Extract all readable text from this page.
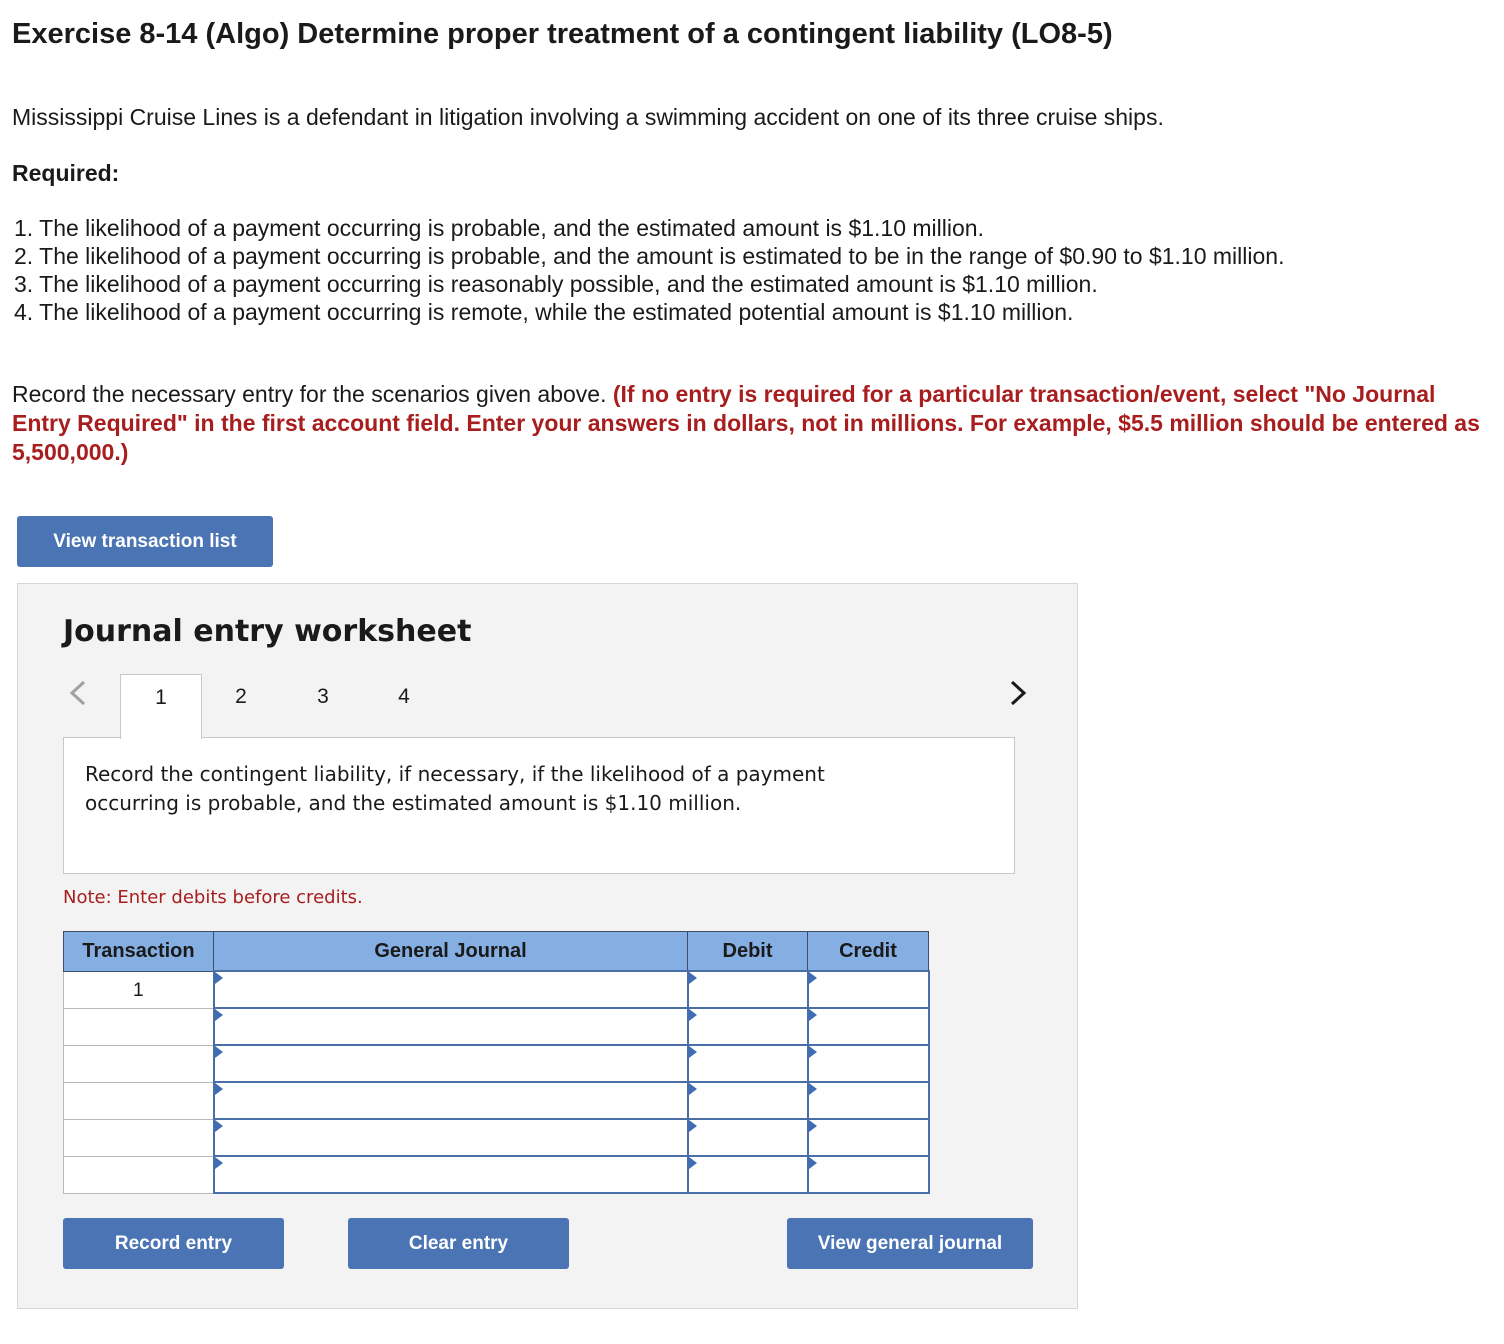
Exercise 8-14 (Algo) Determine proper treatment of a contingent liability (LO8-5)

Mississippi Cruise Lines is a defendant in litigation involving a swimming accident on one of its three cruise ships.

Required:

1. The likelihood of a payment occurring is probable, and the estimated amount is $1.10 million.
2. The likelihood of a payment occurring is probable, and the amount is estimated to be in the range of $0.90 to $1.10 million.
3. The likelihood of a payment occurring is reasonably possible, and the estimated amount is $1.10 million.
4. The likelihood of a payment occurring is remote, while the estimated potential amount is $1.10 million.

Record the necessary entry for the scenarios given above. (If no entry is required for a particular transaction/event, select "No Journal Entry Required" in the first account field. Enter your answers in dollars, not in millions. For example, $5.5 million should be entered as 5,500,000.)

View transaction list
Journal entry worksheet
1	2	3	4

Record the contingent liability, if necessary, if the likelihood of a payment occurring is probable, and the estimated amount is $1.10 million.

Note: Enter debits before credits.

Transaction	General Journal	Debit	Credit
1	

Record entry	Clear entry	View general journal
